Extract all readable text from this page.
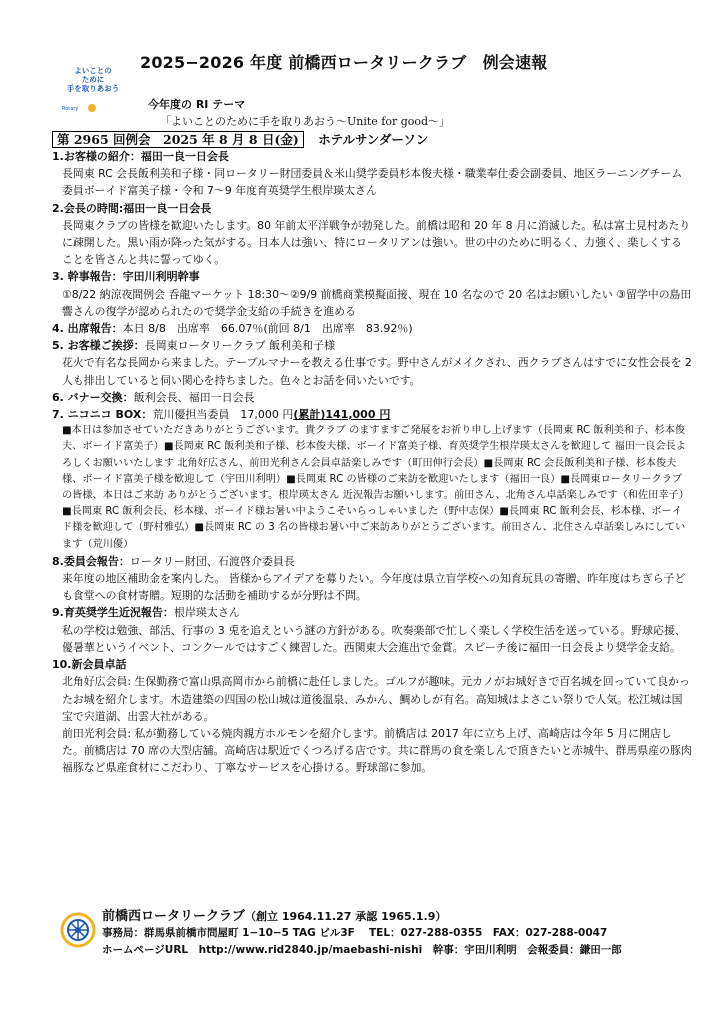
2025−2026 年度 前橋西ロータリークラブ　例会速報
よいことの
ために
手を取りあおう
Rotary	今年度の RI テーマ
「よいことのために手を取りあおう～Unite for good～」
第 2965 回例会　2025 年 8 月 8 日(金) ホテルサンダーソン
1.お客様の紹介：福田一良一日会長
長岡東 RC 会長飯利美和子様・同ロータリー財団委員＆米山奨学委員杉本俊夫様・職業奉仕委会副委員、地区ラーニングチーム委員ボーイド富美子様・令和 7～9 年度育英奨学生根岸瑛太さん
2.会長の時間:福田一良一日会長
長岡東クラブの皆様を歓迎いたします。80 年前太平洋戦争が勃発した。前橋は昭和 20 年 8 月に消滅した。私は富士見村あたりに疎開した。黒い雨が降った気がする。日本人は強い、特にロータリアンは強い。世の中のために明るく、力強く、楽しくすることを皆さんと共に誓ってゆく。
3. 幹事報告：宇田川利明幹事
①8/22 納涼夜間例会 呑龍マーケット 18:30～②9/9 前橋商業模擬面接、現在 10 名なので 20 名はお願いしたい ③留学中の島田響さんの復学が認められたので奨学金支給の手続きを進める
4. 出席報告：本日 8/8　出席率　66.07％(前回 8/1　出席率　83.92％)
5. お客様ご挨拶：長岡東ロータリークラブ 飯利美和子様
花火で有名な長岡から来ました。テーブルマナーを教える仕事です。野中さんがメイクされ、西クラブさんはすでに女性会長を 2 人も排出していると伺い関心を持ちました。色々とお話を伺いたいです。
6. バナー交換：飯利会長、福田一日会長
7. ニコニコ BOX：荒川優担当委員　17,000 円(累計)141,000 円
■本日は参加させていただきありがとうございます。貴クラブ のますますご発展をお祈り申し上げます（長岡東 RC 飯利美和子、杉本俊夫、ボーイド富美子）■長岡東 RC 飯利美和子様、杉本俊夫様、ボーイド富美子様、育英奨学生根岸瑛太さんを歓迎して 福田一良会長よろしくお願いいたします 北角好広さん、前田光利さん会員卓話楽しみです（町田伸行会長）■長岡東 RC 会長飯利美和子様、杉本俊夫様、ボーイド富美子様を歓迎して（宇田川利明）■長岡東 RC の皆様のご来訪を歓迎いたします（福田一良）■長岡東ロータリークラブの皆様、本日はご来訪 ありがとうございます。根岸瑛太さん 近況報告お願いします。前田さん、北角さん卓話楽しみです（和佐田幸子）■長岡東 RC 飯利会長、杉本様、ボーイド様お暑い中ようこそいらっしゃいました（野中志保）■長岡東 RC 飯利会長、杉本様、ボーイド様を歓迎して（野村雅弘）■長岡東 RC の 3 名の皆様お暑い中ご来訪ありがとうございます。前田さん、北住さん卓話楽しみにしています（荒川優）
8.委員会報告：ロータリー財団、石渡啓介委員長
来年度の地区補助金を案内した。 皆様からアイデアを募りたい。今年度は県立盲学校への知育玩具の寄贈、昨年度はちぎら子ども食堂への食材寄贈。短期的な活動を補助するが分野は不問。
9.育英奨学生近況報告：根岸瑛太さん
私の学校は勉強、部活、行事の 3 兎を追えという謎の方針がある。吹奏楽部で忙しく楽しく学校生活を送っている。野球応援、優暑華というイベント、コンクールではすごく練習した。西関東大会進出で金賞。スピーチ後に福田一日会長より奨学金支給。
10.新会員卓話
北角好広会員: 生保勤務で富山県高岡市から前橋に赴任しました。ゴルフが趣味。元カノがお城好きで百名城を回っていて良かったお城を紹介します。木造建築の四国の松山城は道後温泉、みかん、鯛めしが有名。高知城はよさこい祭りで人気。松江城は国宝で宍道湖、出雲大社がある。
前田光利会員: 私が勤務している焼肉親方ホルモンを紹介します。前橋店は 2017 年に立ち上げ、高崎店は今年 5 月に開店した。前橋店は 70 席の大型店舗。高崎店は駅近でくつろげる店です。共に群馬の食を楽しんで頂きたいと赤城牛、群馬県産の豚肉福豚など県産食材にこだわり、丁寧なサービスを心掛ける。野球部に参加。
前橋西ロータリークラブ（創立 1964.11.27 承認 1965.1.9）
事務局：群馬県前橋市問屋町 1−10−5 TAG ビル3F　 TEL：027-288-0355　FAX：027-288-0047
ホームページURL　http://www.rid2840.jp/maebashi-nishi　幹事：宇田川利明　会報委員：鎌田一郎
